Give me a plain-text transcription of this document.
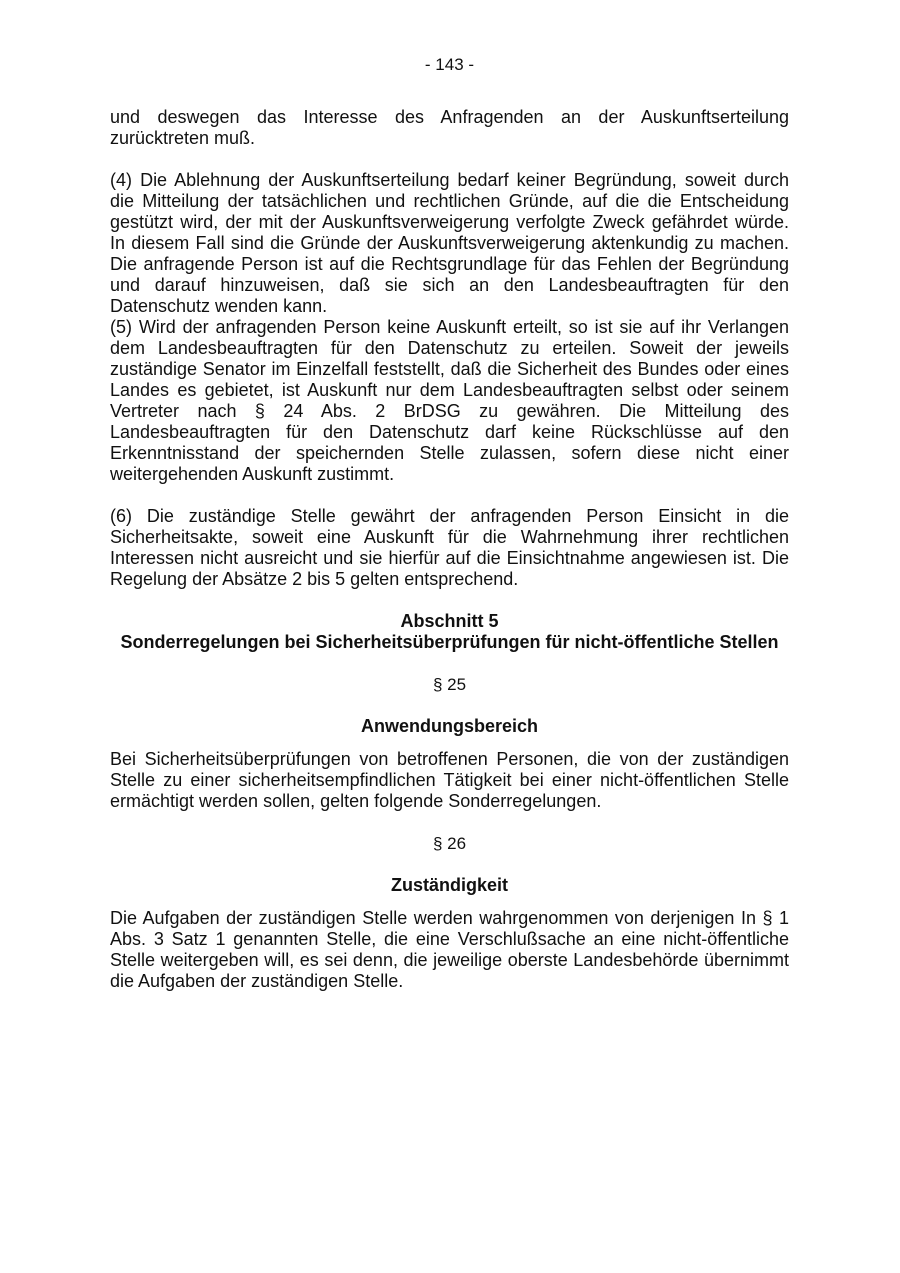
- 143 -

und deswegen das Interesse des Anfragenden an der Auskunftserteilung zurücktreten muß.

(4) Die Ablehnung der Auskunftserteilung bedarf keiner Begründung, soweit durch die Mitteilung der tatsächlichen und rechtlichen Gründe, auf die die Entscheidung gestützt wird, der mit der Auskunftsverweigerung verfolgte Zweck gefährdet würde. In diesem Fall sind die Gründe der Auskunftsverweigerung aktenkundig zu machen. Die anfragende Person ist auf die Rechtsgrundlage für das Fehlen der Begründung und darauf hinzuweisen, daß sie sich an den Landesbeauftragten für den Datenschutz wenden kann.

(5) Wird der anfragenden Person keine Auskunft erteilt, so ist sie auf ihr Verlangen dem Landesbeauftragten für den Datenschutz zu erteilen. Soweit der jeweils zuständige Senator im Einzelfall feststellt, daß die Sicherheit des Bundes oder eines Landes es gebietet, ist Auskunft nur dem Landesbeauftragten selbst oder seinem Vertreter nach § 24 Abs. 2 BrDSG zu gewähren. Die Mitteilung des Landesbeauftragten für den Datenschutz darf keine Rückschlüsse auf den Erkenntnisstand der speichernden Stelle zulassen, sofern diese nicht einer weitergehenden Auskunft zustimmt.

(6) Die zuständige Stelle gewährt der anfragenden Person Einsicht in die Sicherheitsakte, soweit eine Auskunft für die Wahrnehmung ihrer rechtlichen Interessen nicht ausreicht und sie hierfür auf die Einsichtnahme angewiesen ist. Die Regelung der Absätze 2 bis 5 gelten entsprechend.

Abschnitt 5
Sonderregelungen bei Sicherheitsüberprüfungen für nicht-öffentliche Stellen
§ 25
Anwendungsbereich

Bei Sicherheitsüberprüfungen von betroffenen Personen, die von der zuständigen Stelle zu einer sicherheitsempfindlichen Tätigkeit bei einer nicht-öffentlichen Stelle ermächtigt werden sollen, gelten folgende Sonderregelungen.

§ 26
Zuständigkeit

Die Aufgaben der zuständigen Stelle werden wahrgenommen von derjenigen In § 1 Abs. 3 Satz 1 genannten Stelle, die eine Verschlußsache an eine nicht-öffentliche Stelle weitergeben will, es sei denn, die jeweilige oberste Landesbehörde übernimmt die Aufgaben der zuständigen Stelle.
